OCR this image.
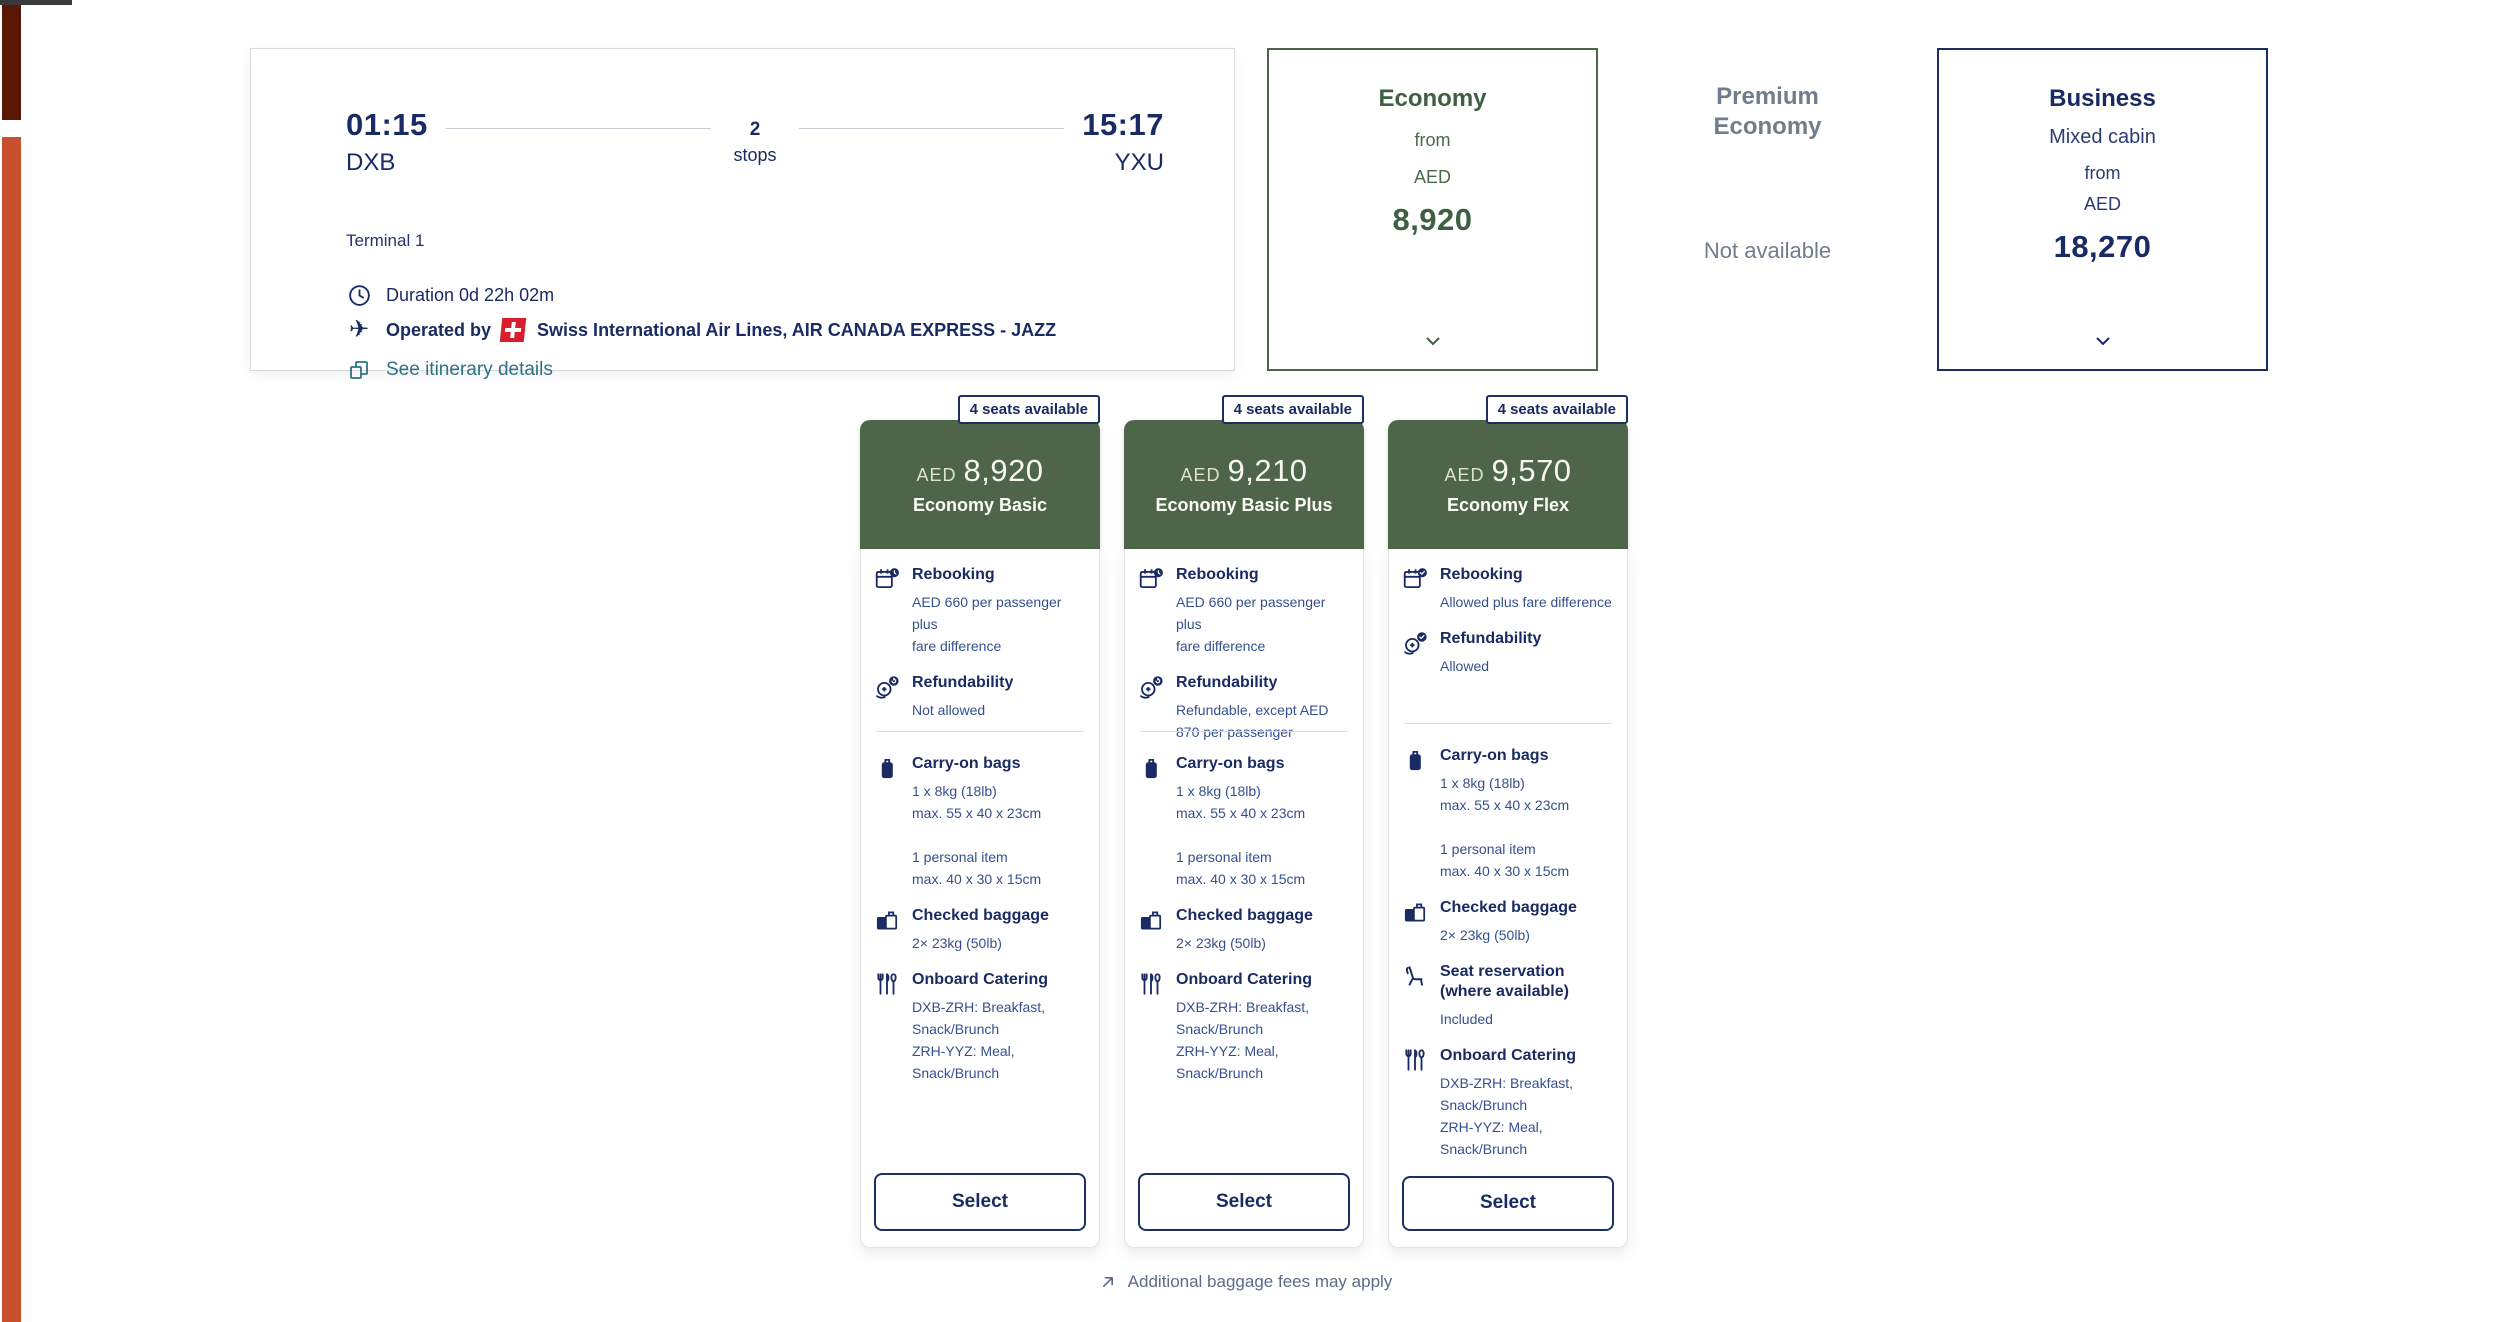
01:15
DXB
2
stops
15:17
YXU
Terminal 1
Duration 0d 22h 02m
✈ Operated by	Swiss International Air Lines, AIR CANADA EXPRESS - JAZZ
See itinerary details
Economy
from
AED
8,920
Premium Economy
Not available
Business
Mixed cabin
from
AED
18,270
4 seats available
AED 8,920
Economy Basic
Rebooking
AED 660 per passenger plus
fare difference
Refundability
Not allowed
Carry-on bags
1 x 8kg (18lb)
max. 55 x 40 x 23cm
1 personal item
max. 40 x 30 x 15cm
Checked baggage
2× 23kg (50lb)
Onboard Catering
DXB-ZRH: Breakfast,
Snack/Brunch
ZRH-YYZ: Meal,
Snack/Brunch
Select
4 seats available
AED 9,210
Economy Basic Plus
Rebooking
AED 660 per passenger plus
fare difference
Refundability
Refundable, except AED
870 per passenger
Carry-on bags
1 x 8kg (18lb)
max. 55 x 40 x 23cm
1 personal item
max. 40 x 30 x 15cm
Checked baggage
2× 23kg (50lb)
Onboard Catering
DXB-ZRH: Breakfast,
Snack/Brunch
ZRH-YYZ: Meal,
Snack/Brunch
Select
4 seats available
AED 9,570
Economy Flex
Rebooking
Allowed plus fare difference
Refundability
Allowed
Carry-on bags
1 x 8kg (18lb)
max. 55 x 40 x 23cm
1 personal item
max. 40 x 30 x 15cm
Checked baggage
2× 23kg (50lb)
Seat reservation (where available)
Included
Onboard Catering
DXB-ZRH: Breakfast,
Snack/Brunch
ZRH-YYZ: Meal,
Snack/Brunch
Select
Additional baggage fees may apply
